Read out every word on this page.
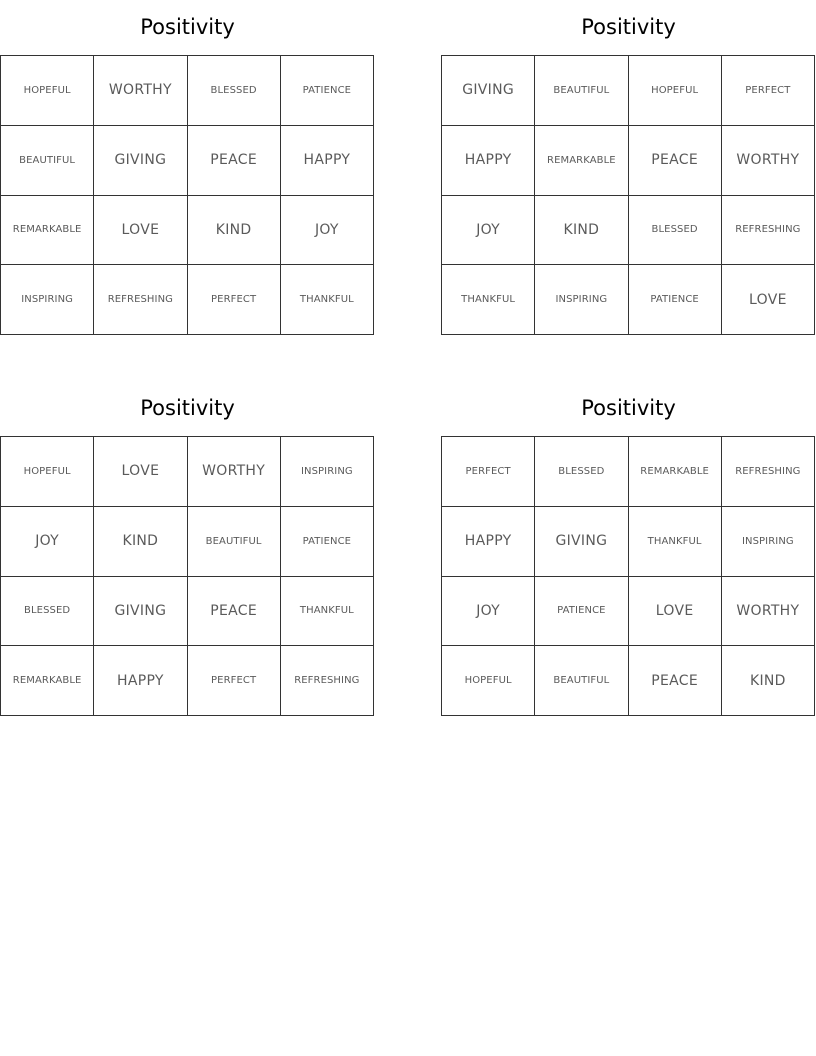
Positivity
HOPEFUL	WORTHY	BLESSED	PATIENCE
BEAUTIFUL	GIVING	PEACE	HAPPY
REMARKABLE	LOVE	KIND	JOY
INSPIRING	REFRESHING	PERFECT	THANKFUL
Positivity
GIVING	BEAUTIFUL	HOPEFUL	PERFECT
HAPPY	REMARKABLE	PEACE	WORTHY
JOY	KIND	BLESSED	REFRESHING
THANKFUL	INSPIRING	PATIENCE	LOVE
Positivity
HOPEFUL	LOVE	WORTHY	INSPIRING
JOY	KIND	BEAUTIFUL	PATIENCE
BLESSED	GIVING	PEACE	THANKFUL
REMARKABLE	HAPPY	PERFECT	REFRESHING
Positivity
PERFECT	BLESSED	REMARKABLE	REFRESHING
HAPPY	GIVING	THANKFUL	INSPIRING
JOY	PATIENCE	LOVE	WORTHY
HOPEFUL	BEAUTIFUL	PEACE	KIND
